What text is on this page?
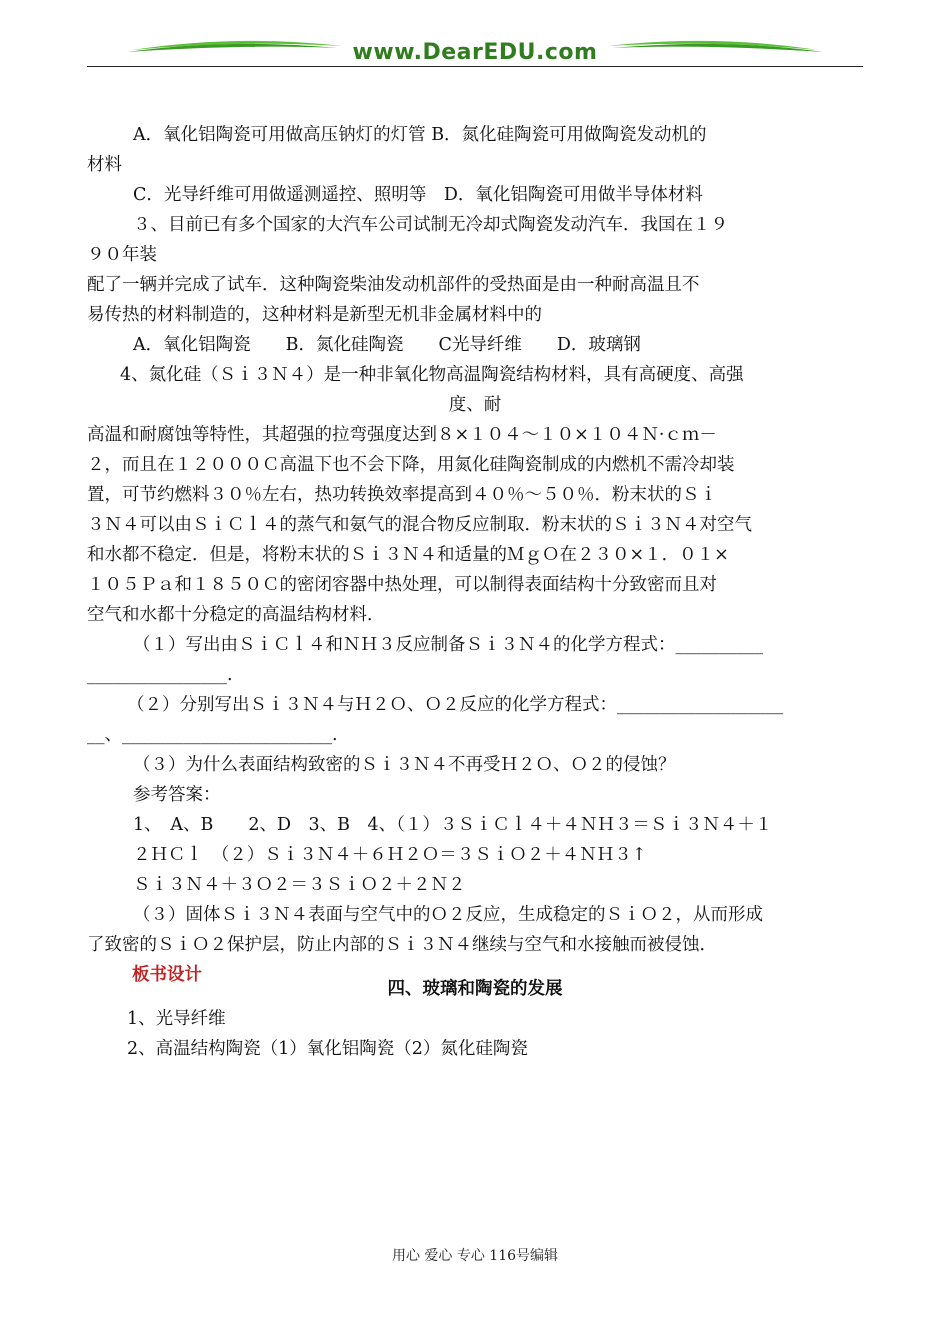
www.DearEDU.com
A．氧化铝陶瓷可用做高压钠灯的灯管 B．氮化硅陶瓷可用做陶瓷发动机的
材料
C．光导纤维可用做遥测遥控、照明等　D．氧化铝陶瓷可用做半导体材料
３、目前已有多个国家的大汽车公司试制无冷却式陶瓷发动汽车．我国在１９
９０年装
配了一辆并完成了试车．这种陶瓷柴油发动机部件的受热面是由一种耐高温且不
易传热的材料制造的，这种材料是新型无机非金属材料中的
A．氧化铝陶瓷　　B．氮化硅陶瓷　　C光导纤维　　D．玻璃钢
4、氮化硅（Ｓｉ３Ｎ４）是一种非氧化物高温陶瓷结构材料，具有高硬度、高强
度、耐
高温和耐腐蚀等特性，其超强的拉弯强度达到８×１０４～１０×１０４Ｎ·ｃｍ－
２，而且在１２０００Ｃ高温下也不会下降，用氮化硅陶瓷制成的内燃机不需冷却装
置，可节约燃料３０％左右，热功转换效率提高到４０％～５０％．粉末状的Ｓｉ
３Ｎ４可以由ＳｉＣｌ４的蒸气和氨气的混合物反应制取．粉末状的Ｓｉ３Ｎ４对空气
和水都不稳定．但是，将粉末状的Ｓｉ３Ｎ４和适量的ＭｇＯ在２３０×１．０１×
１０５Ｐａ和１８５０Ｃ的密闭容器中热处理，可以制得表面结构十分致密而且对
空气和水都十分稳定的高温结构材料．
（１）写出由ＳｉＣｌ４和ＮＨ３反应制备Ｓｉ３Ｎ４的化学方程式：__________
________________.
（２）分别写出Ｓｉ３Ｎ４与Ｈ２Ｏ、Ｏ２反应的化学方程式：___________________
__、________________________.
（３）为什么表面结构致密的Ｓｉ３Ｎ４不再受Ｈ２Ｏ、Ｏ２的侵蚀？
参考答案：
1、　A、B　　2、D　3、B　4、（１）３ＳｉＣｌ４＋４ＮＨ３＝Ｓｉ３Ｎ４＋１
２ＨＣｌ　（２）Ｓｉ３Ｎ４＋６Ｈ２Ｏ＝３ＳｉＯ２＋４ＮＨ３↑
Ｓｉ３Ｎ４＋３Ｏ２＝３ＳｉＯ２＋２Ｎ２
（３）固体Ｓｉ３Ｎ４表面与空气中的Ｏ２反应，生成稳定的ＳｉＯ２，从而形成
了致密的ＳｉＯ２保护层，防止内部的Ｓｉ３Ｎ４继续与空气和水接触而被侵蚀．
板书设计
四、玻璃和陶瓷的发展
1、光导纤维
2、高温结构陶瓷（1）氧化铝陶瓷（2）氮化硅陶瓷
用心 爱心 专心 116号编辑
